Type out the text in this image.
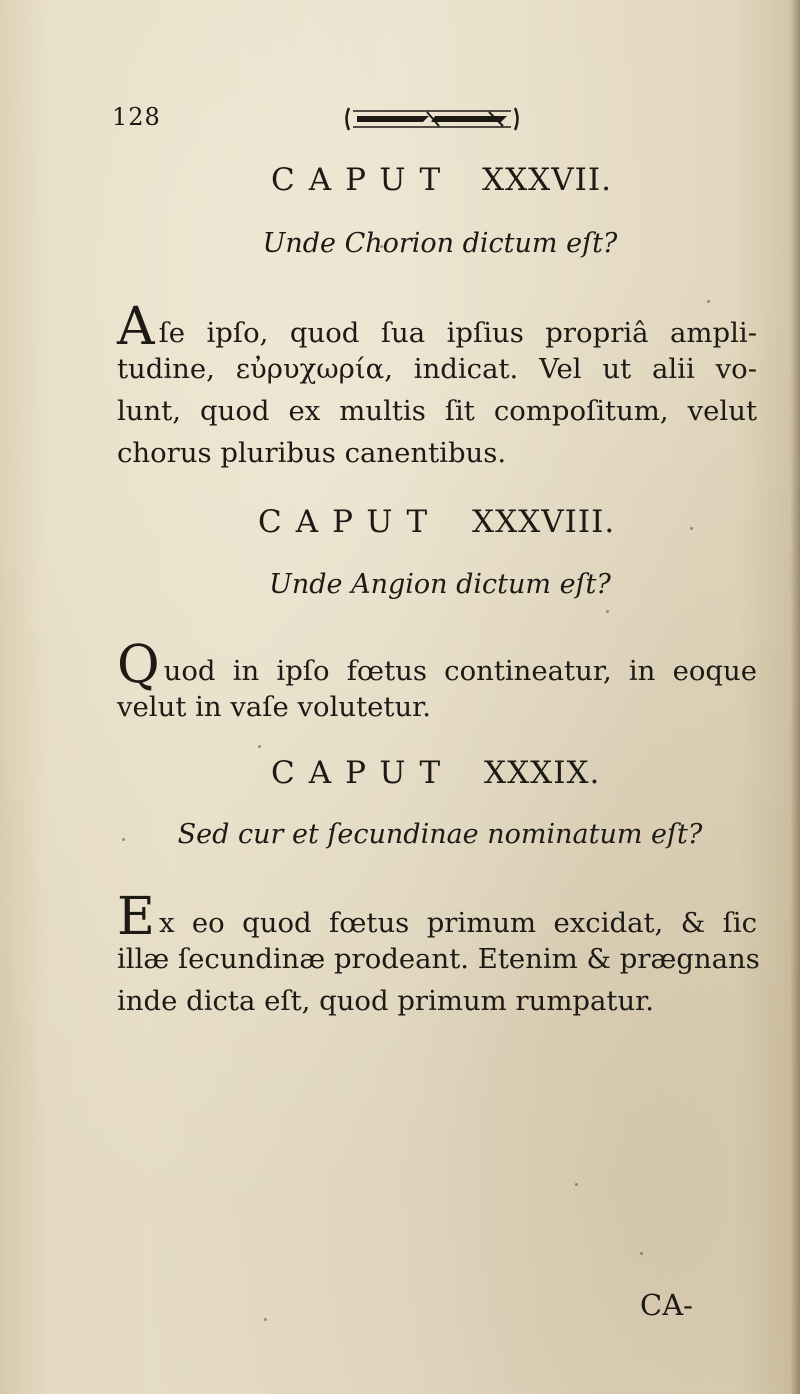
128
CAPUT XXXVII.
Unde Chorion dictum eſt?
Aſe ipſo, quod ſua ipſius propriâ ampli-
tudine, εὐρυχωρία, indicat. Vel ut alii vo-
lunt, quod ex multis ſit compoſitum, velut
chorus pluribus canentibus.
CAPUT XXXVIII.
Unde Angion dictum eſt?
Quod in ipſo fœtus contineatur, in eoque
velut in vaſe volutetur.
CAPUT XXXIX.
Sed cur et ſecundinae nominatum eſt?
Ex eo quod fœtus primum excidat, & ſic
illæ ſecundinæ prodeant. Etenim & prægnans
inde dicta eſt, quod primum rumpatur.
CA-
